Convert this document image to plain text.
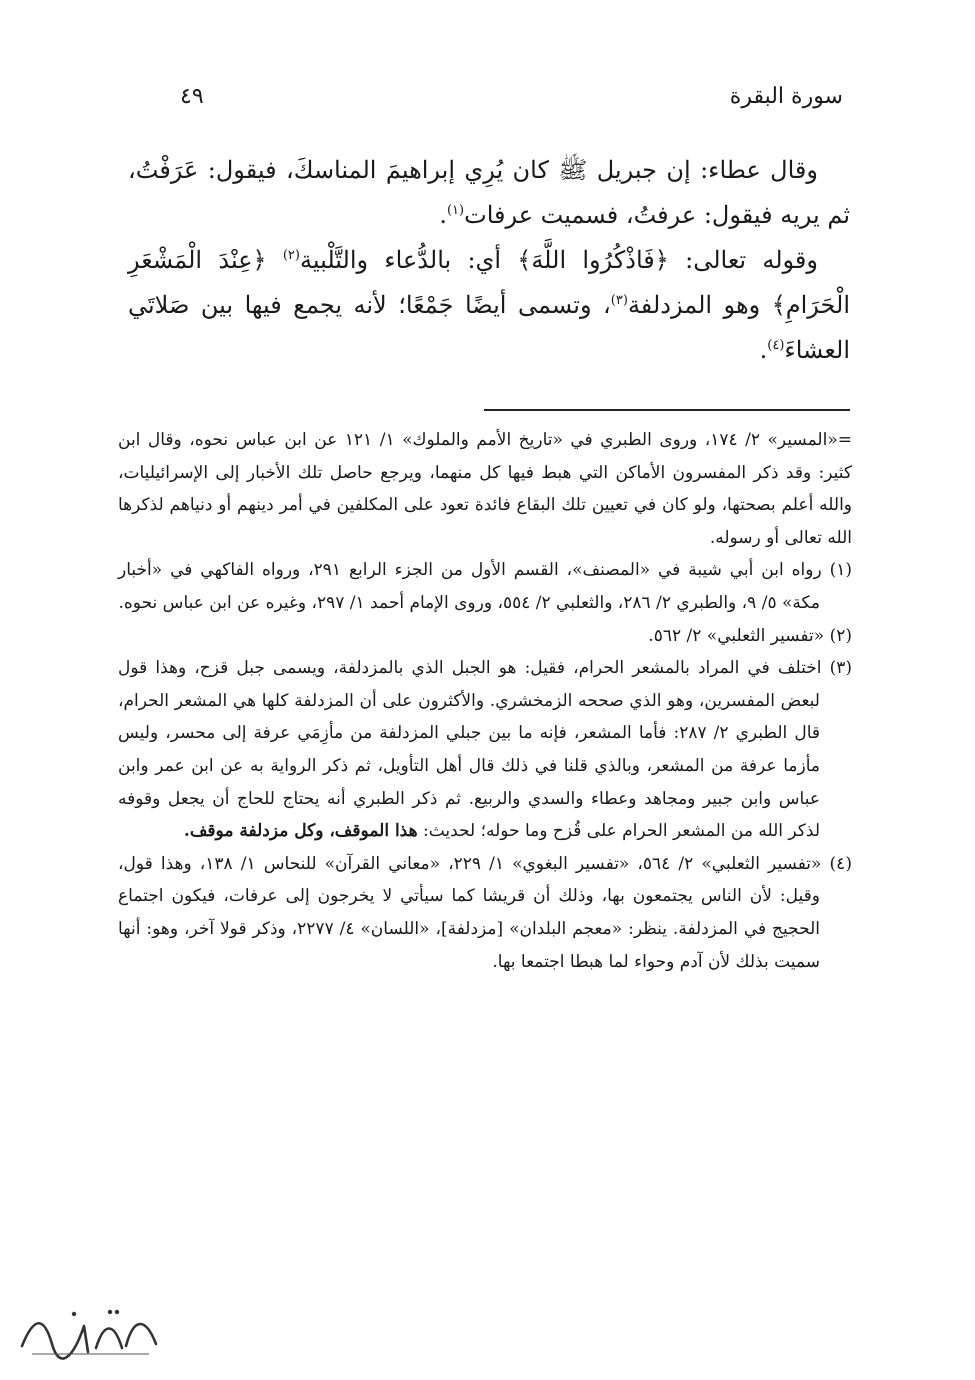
سورة البقرة
٤٩

وقال عطاء: إن جبريل ﷺ كان يُرِي إبراهيمَ المناسكَ، فيقول: عَرَفْتُ، ثم يريه فيقول: عرفتُ، فسميت عرفات$^{(١)}$.

وقوله تعالى: ﴿فَاذْكُرُوا اللَّهَ﴾ أي: بالدُّعاء والتَّلْبية$^{(٢)}$ ﴿عِنْدَ الْمَشْعَرِ الْحَرَامِ﴾ وهو المزدلفة$^{(٣)}$، وتسمى أيضًا جَمْعًا؛ لأنه يجمع فيها بين صَلاتَي العشاءَ$^{(٤)}$.

=«المسير» ٢/ ١٧٤، وروى الطبري في «تاريخ الأمم والملوك» ١/ ١٢١ عن ابن عباس نحوه، وقال ابن كثير: وقد ذكر المفسرون الأماكن التي هبط فيها كل منهما، ويرجع حاصل تلك الأخبار إلى الإسرائيليات، والله أعلم بصحتها، ولو كان في تعيين تلك البقاع فائدة تعود على المكلفين في أمر دينهم أو دنياهم لذكرها الله تعالى أو رسوله.

(١) رواه ابن أبي شيبة في «المصنف»، القسم الأول من الجزء الرابع ٢٩١، ورواه الفاكهي في «أخبار مكة» ٥/ ٩، والطبري ٢/ ٢٨٦، والثعلبي ٢/ ٥٥٤، وروى الإمام أحمد ١/ ٢٩٧، وغيره عن ابن عباس نحوه.

(٢) «تفسير الثعلبي» ٢/ ٥٦٢.

(٣) اختلف في المراد بالمشعر الحرام، فقيل: هو الجبل الذي بالمزدلفة، ويسمى جبل قزح، وهذا قول لبعض المفسرين، وهو الذي صححه الزمخشري. والأكثرون على أن المزدلفة كلها هي المشعر الحرام، قال الطبري ٢/ ٢٨٧: فأما المشعر، فإنه ما بين جبلي المزدلفة من مأزِمَي عرفة إلى محسر، وليس مأزما عرفة من المشعر، وبالذي قلنا في ذلك قال أهل التأويل، ثم ذكر الرواية به عن ابن عمر وابن عباس وابن جبير ومجاهد وعطاء والسدي والربيع. ثم ذكر الطبري أنه يحتاج للحاج أن يجعل وقوفه لذكر الله من المشعر الحرام على قُزح وما حوله؛ لحديث: هذا الموقف، وكل مزدلفة موقف.

(٤) «تفسير الثعلبي» ٢/ ٥٦٤، «تفسير البغوي» ١/ ٢٢٩، «معاني القرآن» للنحاس ١/ ١٣٨، وهذا قول، وقيل: لأن الناس يجتمعون بها، وذلك أن قريشا كما سيأتي لا يخرجون إلى عرفات، فيكون اجتماع الحجيج في المزدلفة. ينظر: «معجم البلدان» [مزدلفة]، «اللسان» ٤/ ٢٢٧٧، وذكر قولا آخر، وهو: أنها سميت بذلك لأن آدم وحواء لما هبطا اجتمعا بها.
